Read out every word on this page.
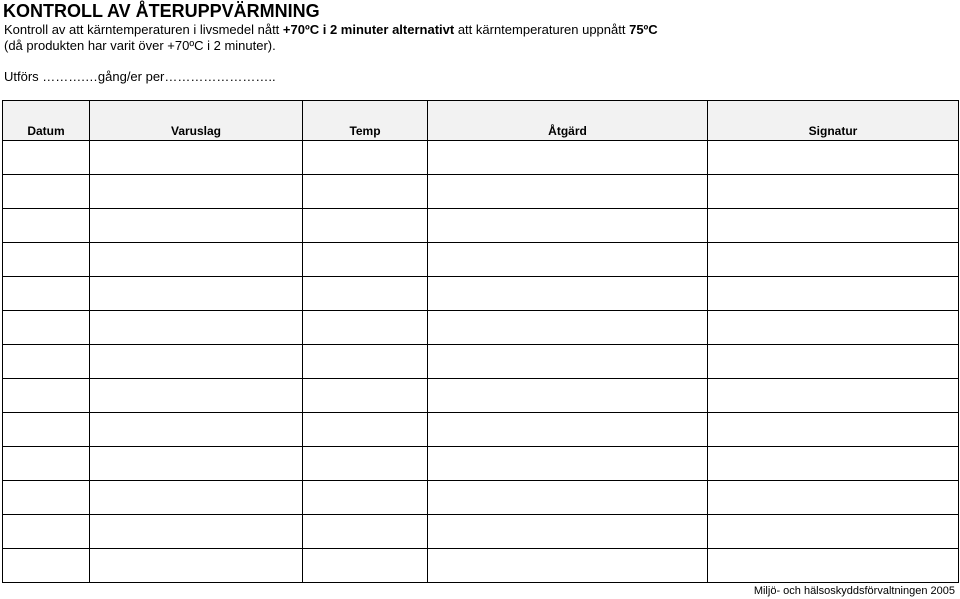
KONTROLL AV ÅTERUPPVÄRMNING
Kontroll av att kärntemperaturen i livsmedel nått +70ºC i 2 minuter alternativt att kärntemperaturen uppnått 75ºC
(då produkten har varit över +70ºC i 2 minuter).
Utförs ……….…gång/er per……………………..
Datum	Varuslag	Temp	Åtgärd	Signatur

Miljö- och hälsoskyddsförvaltningen 2005
